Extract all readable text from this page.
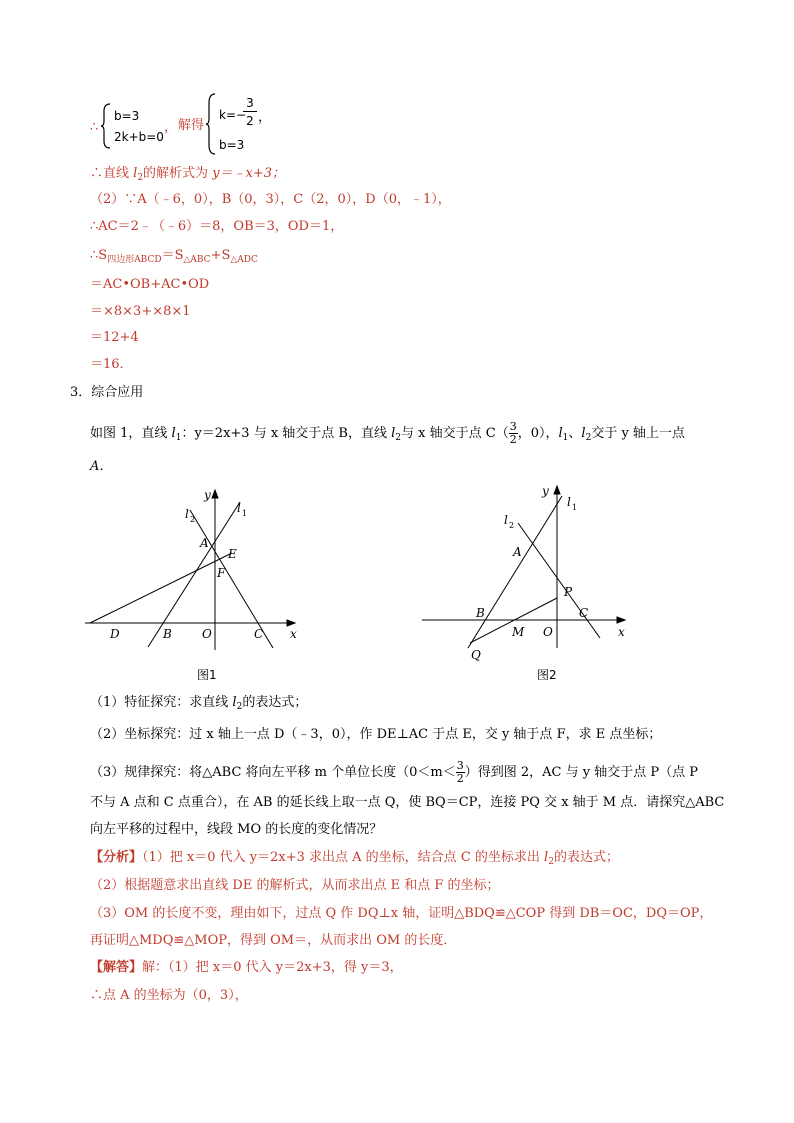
∴
b=3
2k+b=0
， 解得
k=−
3
2 ，
b=3
∴直线 $l_2$的解析式为 y＝﹣x+3；
（2）∵A（﹣6，0），B（0，3），C（2，0），D（0，﹣1），
∴AC＝2﹣（﹣6）＝8，OB＝3，OD＝1，
$\therefore S_{四边形ABCD}=S_{\triangle ABC}+S_{\triangle ADC}$
＝AC•OB+AC•OD
＝×8×3+×8×1
＝12+4
＝16．
3．综合应用
如图 1，直线 $l_1$：y＝2x+3 与 x 轴交于点 B，直线 $l_2$与 x 轴交于点 $C( \frac{3}{2}$ ，0），$l_1$、$l_2$交于 y 轴上一点
A．
y
x
l 1
l 2
A
E
F
D	B	O	C
图1
y
x
l 1
l 2
A
P
B
M O
C
Q
图2
（1）特征探究：求直线 $l_2$的表达式；
（2）坐标探究：过 x 轴上一点 D（﹣3，0），作 DE⊥AC 于点 E，交 y 轴于点 F，求 E 点坐标；
（3）规律探究：将△ABC 将向左平移 m 个单位长度（$0<m< \frac{3}{2}$ ）得到图 2，AC 与 y 轴交于点 P（点 P
不与 A 点和 C 点重合），在 AB 的延长线上取一点 Q，使 BQ＝CP，连接 PQ 交 x 轴于 M 点．请探究△ABC
向左平移的过程中，线段 MO 的长度的变化情况？
【分析】（1）把 x＝0 代入 y＝2x+3 求出点 A 的坐标，结合点 C 的坐标求出 $l_2$的表达式；
（2）根据题意求出直线 DE 的解析式，从而求出点 E 和点 F 的坐标；
（3）OM 的长度不变，理由如下，过点 Q 作 DQ⊥x 轴，证明△BDQ≌△COP 得到 DB＝OC，DQ＝OP，
再证明△MDQ≌△MOP，得到 OM＝，从而求出 OM 的长度．
【解答】解：（1）把 x＝0 代入 y＝2x+3，得 y＝3，
∴点 A 的坐标为（0，3），
